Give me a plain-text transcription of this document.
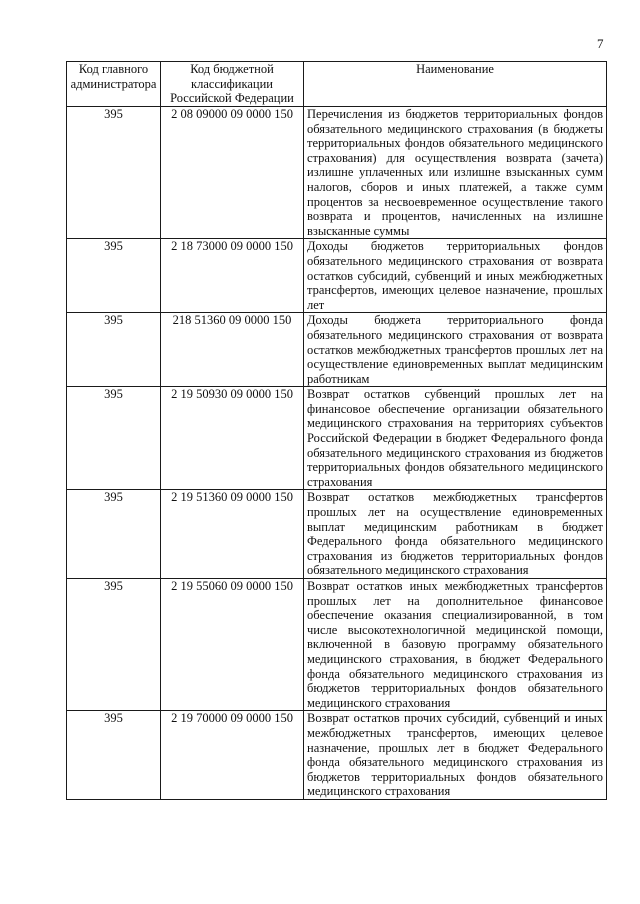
7
Код главного администратора	Код бюджетной классификации Российской Федерации	Наименование
395	2 08 09000 09 0000 150	Перечисления из бюджетов территориальных фондов обязательного медицинского страхования (в бюджеты территориальных фондов обязательного медицинского страхования) для осуществления возврата (зачета) излишне уплаченных или излишне взысканных сумм налогов, сборов и иных платежей, а также сумм процентов за несвоевременное осуществление такого возврата и процентов, начисленных на излишне взысканные суммы
395	2 18 73000 09 0000 150	Доходы бюджетов территориальных фондов обязательного медицинского страхования от возврата остатков субсидий, субвенций и иных межбюджетных трансфертов, имеющих целевое назначение, прошлых лет
395	218 51360 09 0000 150	Доходы бюджета территориального фонда обязательного медицинского страхования от возврата остатков межбюджетных трансфертов прошлых лет на осуществление единовременных выплат медицинским работникам
395	2 19 50930 09 0000 150	Возврат остатков субвенций прошлых лет на финансовое обеспечение организации обязательного медицинского страхования на территориях субъектов Российской Федерации в бюджет Федерального фонда обязательного медицинского страхования из бюджетов территориальных фондов обязательного медицинского страхования
395	2 19 51360 09 0000 150	Возврат остатков межбюджетных трансфертов прошлых лет на осуществление единовременных выплат медицинским работникам в бюджет Федерального фонда обязательного медицинского страхования из бюджетов территориальных фондов обязательного медицинского страхования
395	2 19 55060 09 0000 150	Возврат остатков иных межбюджетных трансфертов прошлых лет на дополнительное финансовое обеспечение оказания специализированной, в том числе высокотехнологичной медицинской помощи, включенной в базовую программу обязательного медицинского страхования, в бюджет Федерального фонда обязательного медицинского страхования из бюджетов территориальных фондов обязательного медицинского страхования
395	2 19 70000 09 0000 150	Возврат остатков прочих субсидий, субвенций и иных межбюджетных трансфертов, имеющих целевое назначение, прошлых лет в бюджет Федерального фонда обязательного медицинского страхования из бюджетов территориальных фондов обязательного медицинского страхования
